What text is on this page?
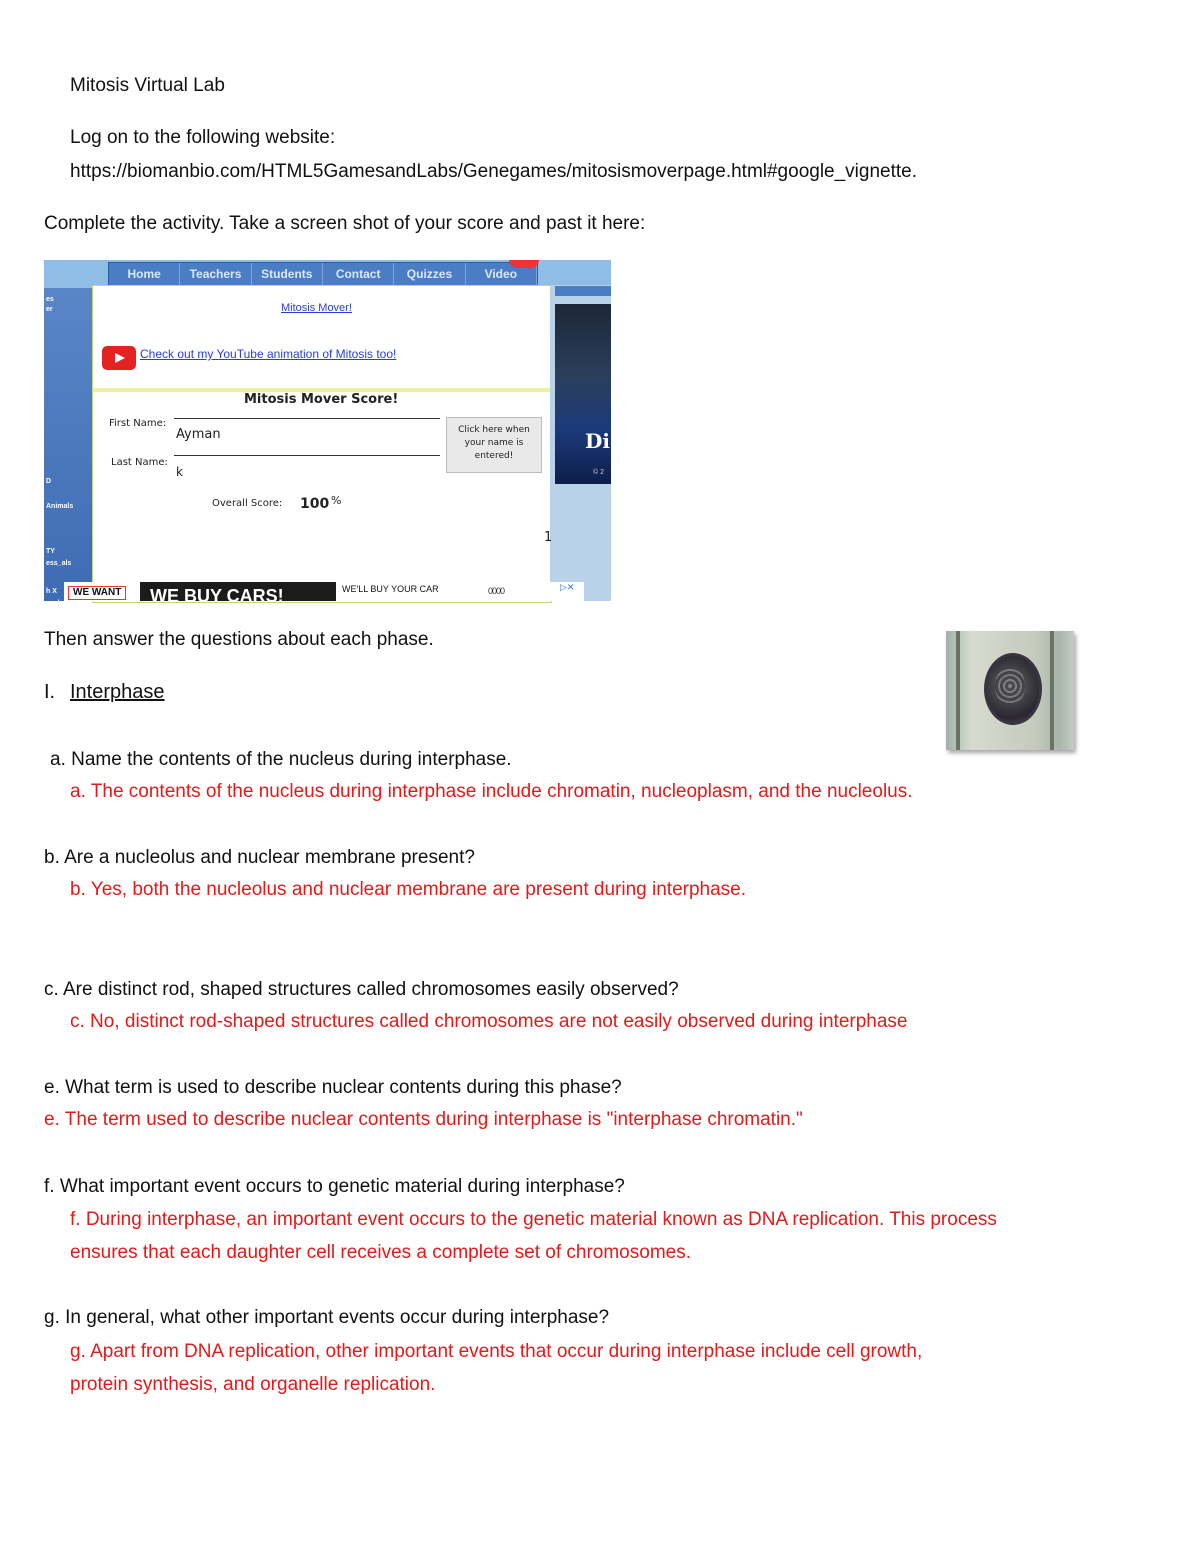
Mitosis Virtual Lab
Log on to the following website:
https://biomanbio.com/HTML5GamesandLabs/Genegames/mitosismoverpage.html#google_vignette.
Complete the activity. Take a screen shot of your score and past it here:
es
er
D
Animals
TY
ess_als
h X
aaals
Home	Teachers	Students	Contact	Quizzes	Video
Di
© 2
Mitosis Mover!
Check out my YouTube animation of Mitosis too!
Mitosis Mover Score!
First Name:
Ayman
Last Name:
k
Click here when your name is entered!
Overall Score: 100 %
1
WE WANT	WE BUY CARS!	WE'LL BUY YOUR CAR	0000	▷✕
Then answer the questions about each phase.
I. Interphase
a. Name the contents of the nucleus during interphase.
a. The contents of the nucleus during interphase include chromatin, nucleoplasm, and the nucleolus.
b. Are a nucleolus and nuclear membrane present?
b. Yes, both the nucleolus and nuclear membrane are present during interphase.
c. Are distinct rod, shaped structures called chromosomes easily observed?
c. No, distinct rod-shaped structures called chromosomes are not easily observed during interphase
e. What term is used to describe nuclear contents during this phase?
e. The term used to describe nuclear contents during interphase is "interphase chromatin."
f. What important event occurs to genetic material during interphase?
f. During interphase, an important event occurs to the genetic material known as DNA replication. This process
ensures that each daughter cell receives a complete set of chromosomes.
g. In general, what other important events occur during interphase?
g. Apart from DNA replication, other important events that occur during interphase include cell growth,
protein synthesis, and organelle replication.
